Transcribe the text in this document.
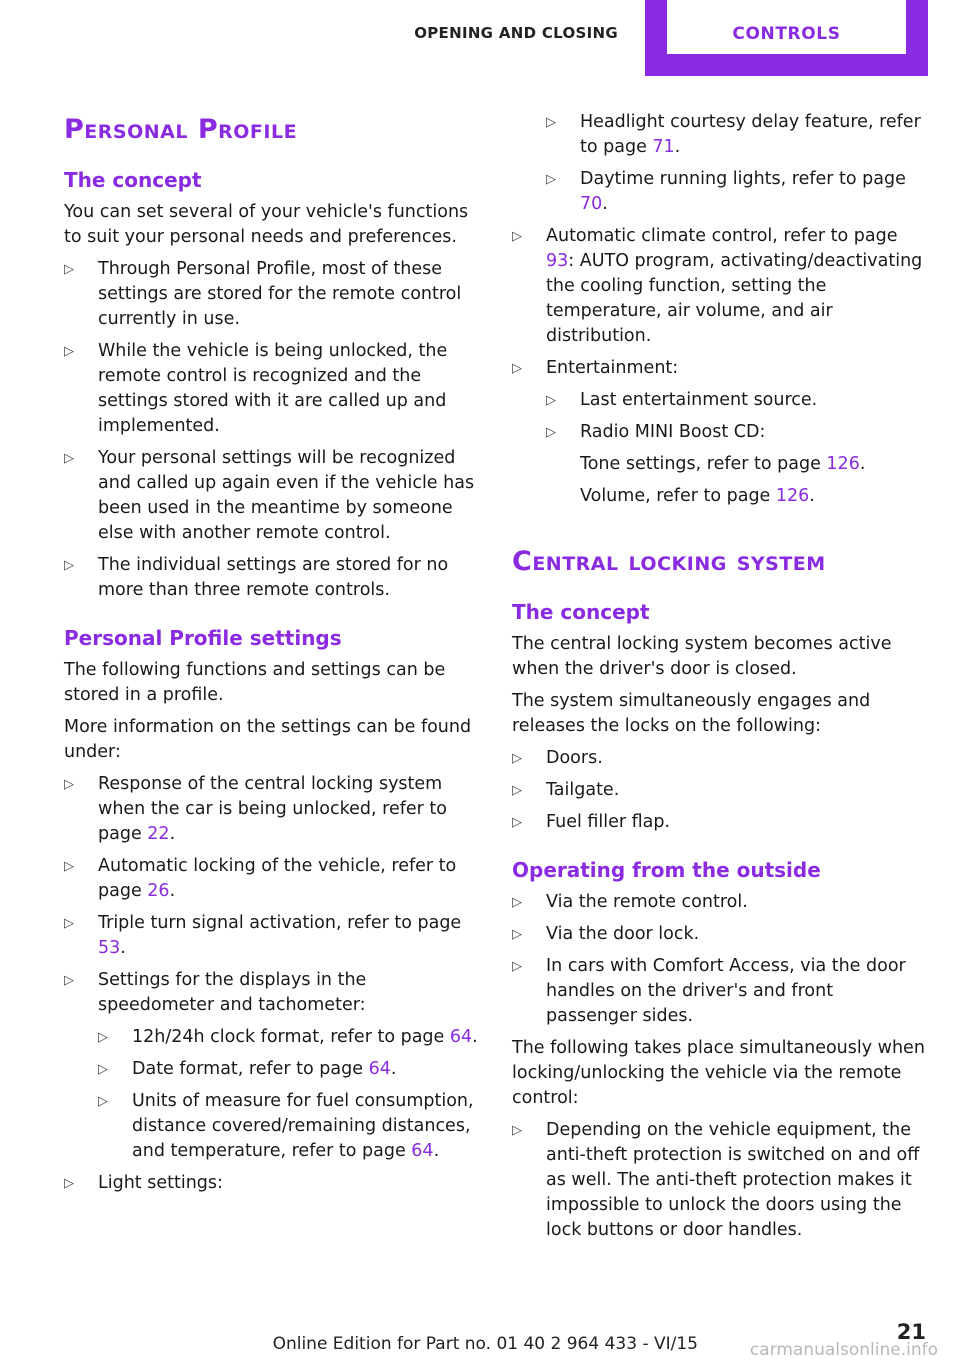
OPENING AND CLOSING	CONTROLS
Personal Profile
The concept

You can set several of your vehicle's functions to suit your personal needs and preferences.

▷ Through Personal Profile, most of these settings are stored for the remote control currently in use.
▷ While the vehicle is being unlocked, the remote control is recognized and the settings stored with it are called up and implemented.
▷ Your personal settings will be recognized and called up again even if the vehicle has been used in the meantime by someone else with another remote control.
▷ The individual settings are stored for no more than three remote controls.
Personal Profile settings

The following functions and settings can be stored in a profile.

More information on the settings can be found under:

▷ Response of the central locking system when the car is being unlocked, refer to page 22.
▷ Automatic locking of the vehicle, refer to page 26.
▷ Triple turn signal activation, refer to page 53.
▷ Settings for the displays in the speedometer and tachometer:
▷ 12h/24h clock format, refer to page 64.
▷ Date format, refer to page 64.
▷ Units of measure for fuel consumption, distance covered/remaining distances, and temperature, refer to page 64.
▷ Light settings:
▷ Headlight courtesy delay feature, refer to page 71.
▷ Daytime running lights, refer to page 70.
▷ Automatic climate control, refer to page 93: AUTO program, activating/deactivating the cooling function, setting the temperature, air volume, and air distribution.
▷ Entertainment:
▷ Last entertainment source.
▷ Radio MINI Boost CD:
Tone settings, refer to page 126.
Volume, refer to page 126.
Central locking system
The concept

The central locking system becomes active when the driver's door is closed.

The system simultaneously engages and releases the locks on the following:

▷ Doors.
▷ Tailgate.
▷ Fuel filler flap.
Operating from the outside
▷ Via the remote control.
▷ Via the door lock.
▷ In cars with Comfort Access, via the door handles on the driver's and front passenger sides.

The following takes place simultaneously when locking/unlocking the vehicle via the remote control:

▷ Depending on the vehicle equipment, the anti-theft protection is switched on and off as well. The anti-theft protection makes it impossible to unlock the doors using the lock buttons or door handles.
Online Edition for Part no. 01 40 2 964 433 - VI/15	21
carmanualsonline.info
